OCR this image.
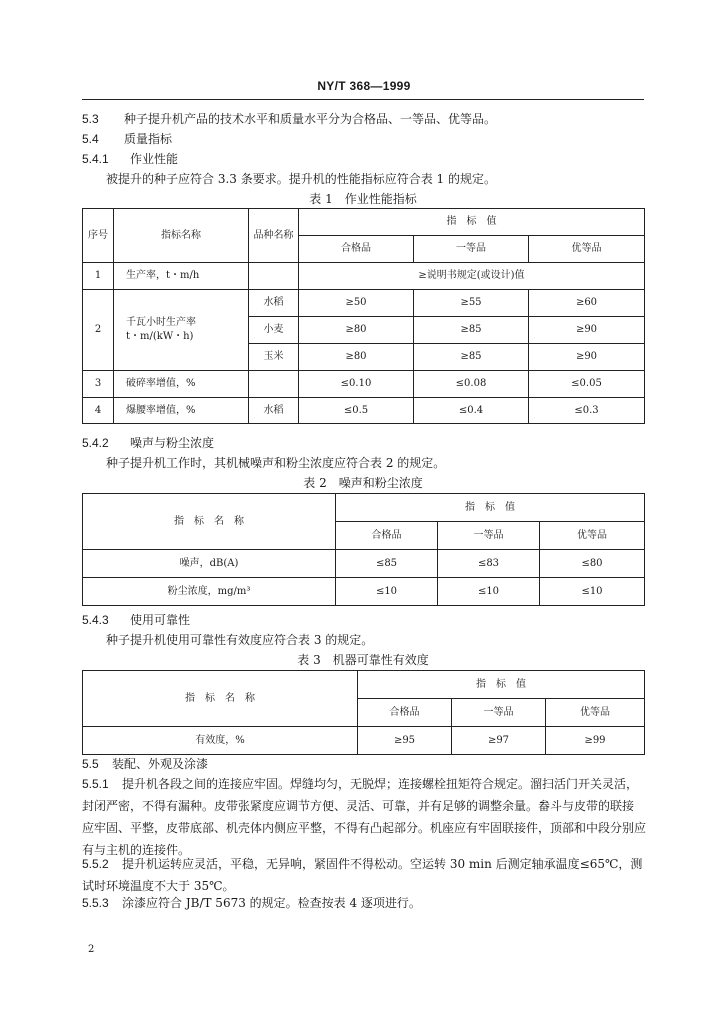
NY/T 368—1999
5.3 种子提升机产品的技术水平和质量水平分为合格品、一等品、优等品。
5.4 质量指标
5.4.1 作业性能
被提升的种子应符合 3.3 条要求。提升机的性能指标应符合表 1 的规定。
表 1　作业性能指标
序号	指标名称	品种名称	指　标　值		
			合格品	一等品	优等品
1	生产率，t・m/h		≥说明书规定(或设计)值		
2	千瓦小时生产率
t・m/(kW・h)	水稻	≥50	≥55	≥60
		小麦	≥80	≥85	≥90
		玉米	≥80	≥85	≥90
3	破碎率增值，%		≤0.10	≤0.08	≤0.05
4	爆腰率增值，%	水稻	≤0.5	≤0.4	≤0.3
5.4.2 噪声与粉尘浓度
种子提升机工作时，其机械噪声和粉尘浓度应符合表 2 的规定。
表 2　噪声和粉尘浓度
指　标　名　称	指　标　值		
	合格品	一等品	优等品
噪声，dB(A)	≤85	≤83	≤80
粉尘浓度，mg/m³	≤10	≤10	≤10
5.4.3 使用可靠性
种子提升机使用可靠性有效度应符合表 3 的规定。
表 3　机器可靠性有效度
指　标　名　称	指　标　值		
	合格品	一等品	优等品
有效度，%	≥95	≥97	≥99
5.5 装配、外观及涂漆
5.5.1 提升机各段之间的连接应牢固。焊缝均匀，无脱焊；连接螺栓扭矩符合规定。溜扫活门开关灵活，
封闭严密，不得有漏种。皮带张紧度应调节方便、灵活、可靠，并有足够的调整余量。畚斗与皮带的联接
应牢固、平整，皮带底部、机壳体内侧应平整，不得有凸起部分。机座应有牢固联接件，顶部和中段分别应
有与主机的连接件。
5.5.2 提升机运转应灵活，平稳，无异响，紧固件不得松动。空运转 30 min 后测定轴承温度≤65℃，测
试时环境温度不大于 35℃。
5.5.3 涂漆应符合 JB/T 5673 的规定。检查按表 4 逐项进行。
2
